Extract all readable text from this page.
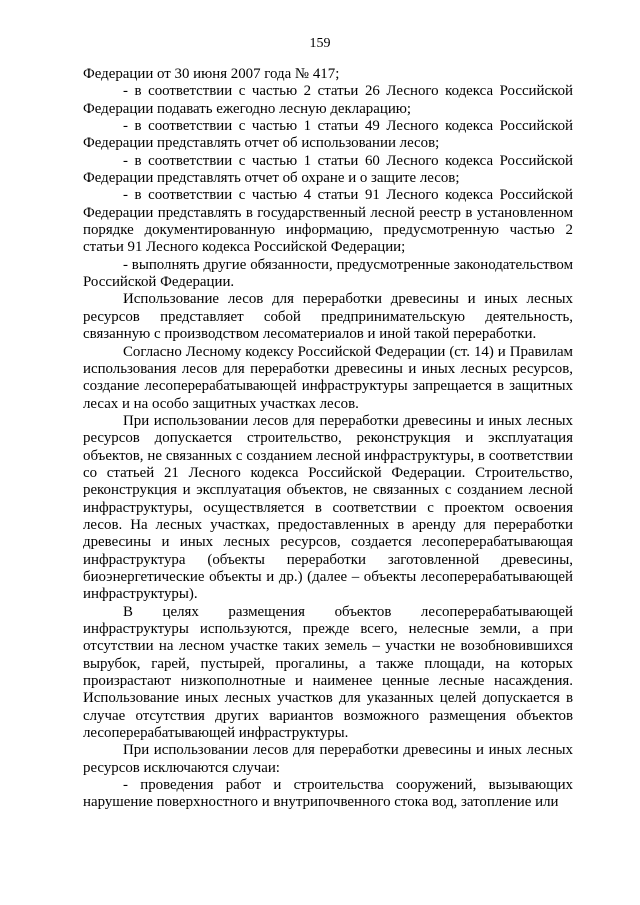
159

Федерации от 30 июня 2007 года № 417;

- в соответствии с частью 2 статьи 26 Лесного кодекса Российской Федерации подавать ежегодно лесную декларацию;

- в соответствии с частью 1 статьи 49 Лесного кодекса Российской Федерации представлять отчет об использовании лесов;

- в соответствии с частью 1 статьи 60 Лесного кодекса Российской Федерации представлять отчет об охране и о защите лесов;

- в соответствии с частью 4 статьи 91 Лесного кодекса Российской Федерации представлять в государственный лесной реестр в установленном порядке документированную информацию, предусмотренную частью 2 статьи 91 Лесного кодекса Российской Федерации;

- выполнять другие обязанности, предусмотренные законодательством Российской Федерации.

Использование лесов для переработки древесины и иных лесных ресурсов представляет собой предпринимательскую деятельность, связанную с производством лесоматериалов и иной такой переработки.

Согласно Лесному кодексу Российской Федерации (ст. 14) и Правилам использования лесов для переработки древесины и иных лесных ресурсов, создание лесоперерабатывающей инфраструктуры запрещается в защитных лесах и на особо защитных участках лесов.

При использовании лесов для переработки древесины и иных лесных ресурсов допускается строительство, реконструкция и эксплуатация объектов, не связанных с созданием лесной инфраструктуры, в соответствии со статьей 21 Лесного кодекса Российской Федерации. Строительство, реконструкция и эксплуатация объектов, не связанных с созданием лесной инфраструктуры, осуществляется в соответствии с проектом освоения лесов. На лесных участках, предоставленных в аренду для переработки древесины и иных лесных ресурсов, создается лесоперерабатывающая инфраструктура (объекты переработки заготовленной древесины, биоэнергетические объекты и др.) (далее – объекты лесоперерабатывающей инфраструктуры).

В целях размещения объектов лесоперерабатывающей инфраструктуры используются, прежде всего, нелесные земли, а при отсутствии на лесном участке таких земель – участки не возобновившихся вырубок, гарей, пустырей, прогалины, а также площади, на которых произрастают низкополнотные и наименее ценные лесные насаждения. Использование иных лесных участков для указанных целей допускается в случае отсутствия других вариантов возможного размещения объектов лесоперерабатывающей инфраструктуры.

При использовании лесов для переработки древесины и иных лесных ресурсов исключаются случаи:

- проведения работ и строительства сооружений, вызывающих нарушение поверхностного и внутрипочвенного стока вод, затопление или
